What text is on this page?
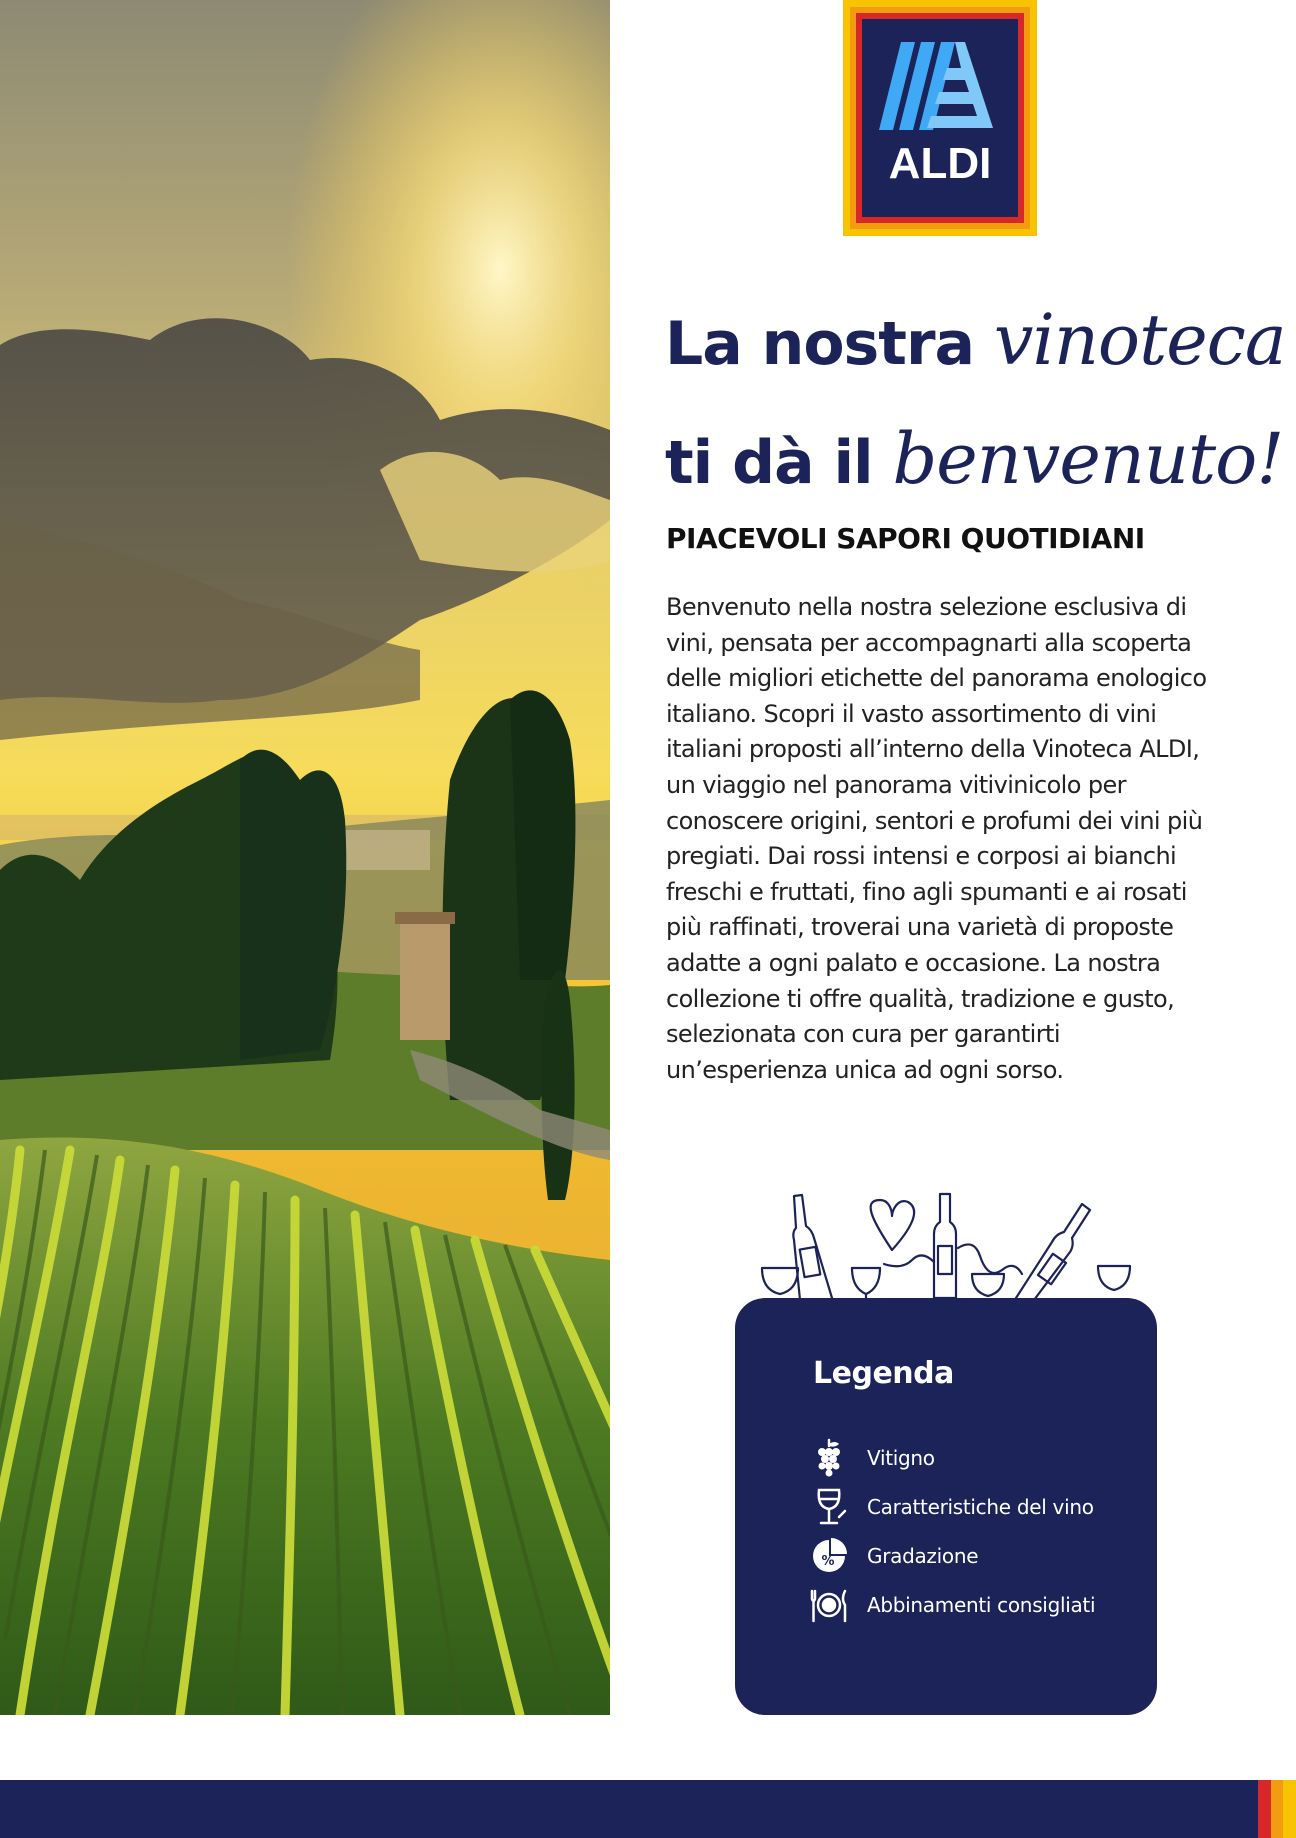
ALDI
La nostra vinoteca
ti dà il benvenuto!
PIACEVOLI SAPORI QUOTIDIANI

Benvenuto nella nostra selezione esclusiva di vini, pensata per accompagnarti alla scoperta delle migliori etichette del panorama enologico italiano. Scopri il vasto assortimento di vini italiani proposti all’interno della Vinoteca ALDI, un viaggio nel panorama vitivinicolo per conoscere origini, sentori e profumi dei vini più pregiati. Dai rossi intensi e corposi ai bianchi freschi e fruttati, fino agli spumanti e ai rosati più raffinati, troverai una varietà di proposte adatte a ogni palato e occasione. La nostra collezione ti offre qualità, tradizione e gusto, selezionata con cura per garantirti un’esperienza unica ad ogni sorso.

Legenda
Vitigno
Caratteristiche del vino
% Gradazione
Abbinamenti consigliati
